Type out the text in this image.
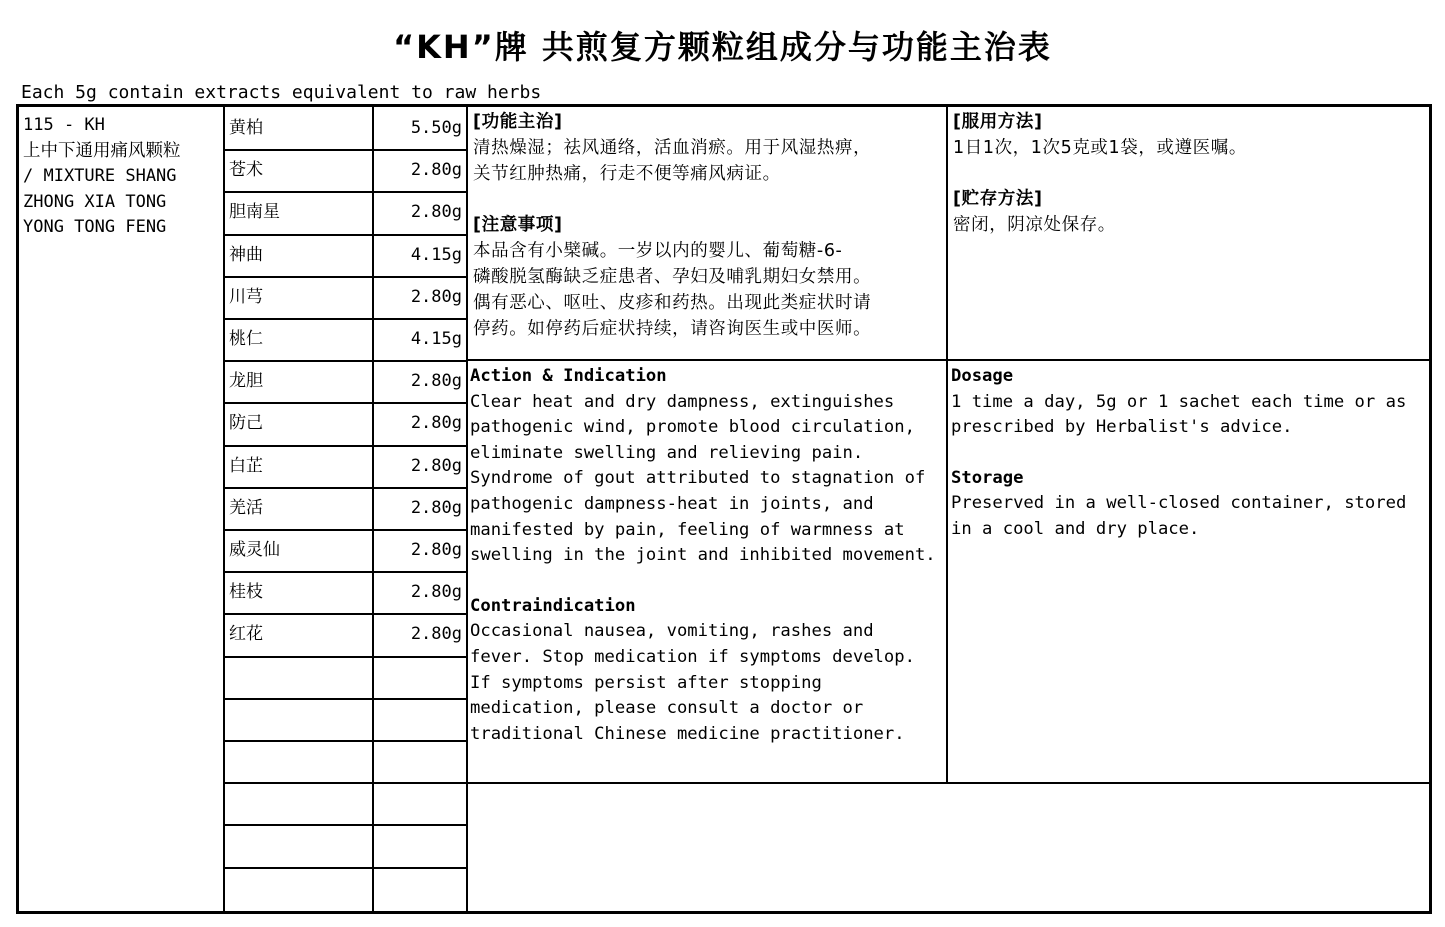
“KH”牌 共煎复方颗粒组成分与功能主治表
Each 5g contain extracts equivalent to raw herbs
115 - KH
上中下通用痛风颗粒
/ MIXTURE SHANG
ZHONG XIA TONG
YONG TONG FENG
黄柏	5.50g
苍术	2.80g
胆南星	2.80g
神曲	4.15g
川芎	2.80g
桃仁	4.15g
龙胆	2.80g
防己	2.80g
白芷	2.80g
羌活	2.80g
威灵仙	2.80g
桂枝	2.80g
红花	2.80g
[功能主治]
清热燥湿；祛风通络，活血消瘀。用于风湿热痹，
关节红肿热痛，行走不便等痛风病证。
[注意事项]
本品含有小檗碱。一岁以内的婴儿、葡萄糖-6-
磷酸脱氢酶缺乏症患者、孕妇及哺乳期妇女禁用。
偶有恶心、呕吐、皮疹和药热。出现此类症状时请
停药。如停药后症状持续，请咨询医生或中医师。
[服用方法]
1日1次，1次5克或1袋，或遵医嘱。
[贮存方法]
密闭，阴凉处保存。
Action & Indication
Clear heat and dry dampness, extinguishes
pathogenic wind, promote blood circulation,
eliminate swelling and relieving pain.
Syndrome of gout attributed to stagnation of
pathogenic dampness-heat in joints, and
manifested by pain, feeling of warmness at
swelling in the joint and inhibited movement.
Contraindication
Occasional nausea, vomiting, rashes and
fever. Stop medication if symptoms develop.
If symptoms persist after stopping
medication, please consult a doctor or
traditional Chinese medicine practitioner.
Dosage
1 time a day, 5g or 1 sachet each time or as
prescribed by Herbalist's advice.
Storage
Preserved in a well-closed container, stored
in a cool and dry place.
